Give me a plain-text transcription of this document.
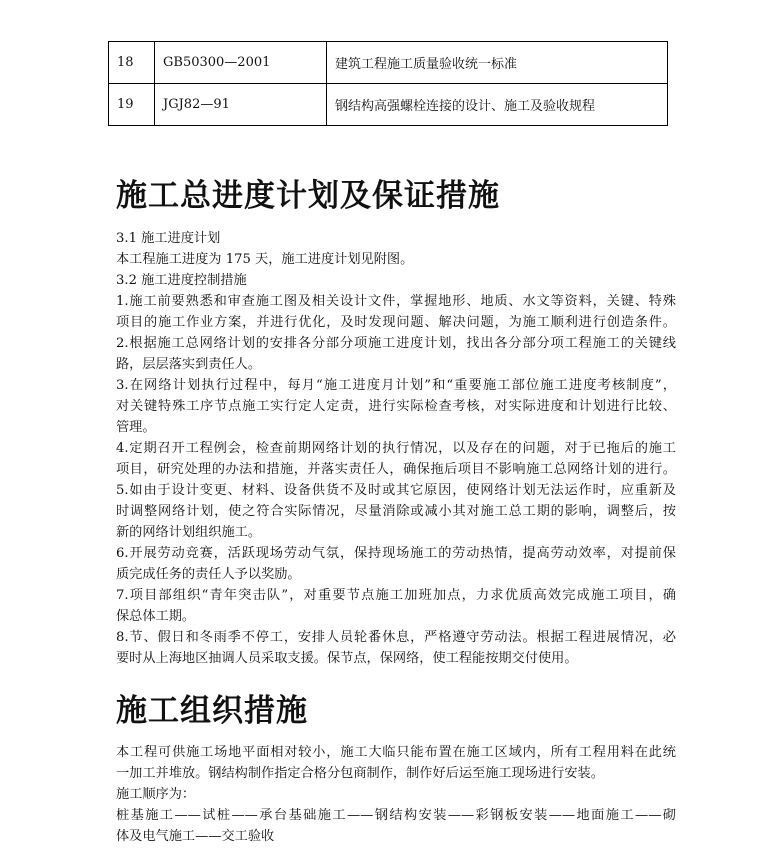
18	GB50300—2001	建筑工程施工质量验收统一标准
19	JGJ82—91	钢结构高强螺栓连接的设计、施工及验收规程
施工总进度计划及保证措施
3.1 施工进度计划
本工程施工进度为 175 天，施工进度计划见附图。
3.2 施工进度控制措施
1.施工前要熟悉和审查施工图及相关设计文件，掌握地形、地质、水文等资料，关键、特殊
项目的施工作业方案，并进行优化，及时发现问题、解决问题，为施工顺利进行创造条件。
2.根据施工总网络计划的安排各分部分项施工进度计划，找出各分部分项工程施工的关键线
路，层层落实到责任人。
3.在网络计划执行过程中，每月“施工进度月计划”和“重要施工部位施工进度考核制度”，
对关键特殊工序节点施工实行定人定责，进行实际检查考核，对实际进度和计划进行比较、
管理。
4.定期召开工程例会，检查前期网络计划的执行情况，以及存在的问题，对于已拖后的施工
项目，研究处理的办法和措施，并落实责任人，确保拖后项目不影响施工总网络计划的进行。
5.如由于设计变更、材料、设备供货不及时或其它原因，使网络计划无法运作时，应重新及
时调整网络计划，使之符合实际情况，尽量消除或减小其对施工总工期的影响，调整后，按
新的网络计划组织施工。
6.开展劳动竞赛，活跃现场劳动气氛，保持现场施工的劳动热情，提高劳动效率，对提前保
质完成任务的责任人予以奖励。
7.项目部组织“青年突击队”，对重要节点施工加班加点，力求优质高效完成施工项目，确
保总体工期。
8.节、假日和冬雨季不停工，安排人员轮番休息，严格遵守劳动法。根据工程进展情况，必
要时从上海地区抽调人员采取支援。保节点，保网络，使工程能按期交付使用。
施工组织措施
本工程可供施工场地平面相对较小，施工大临只能布置在施工区域内，所有工程用料在此统
一加工并堆放。钢结构制作指定合格分包商制作，制作好后运至施工现场进行安装。
施工顺序为：
桩基施工——试桩——承台基础施工——钢结构安装——彩钢板安装——地面施工——砌
体及电气施工——交工验收
